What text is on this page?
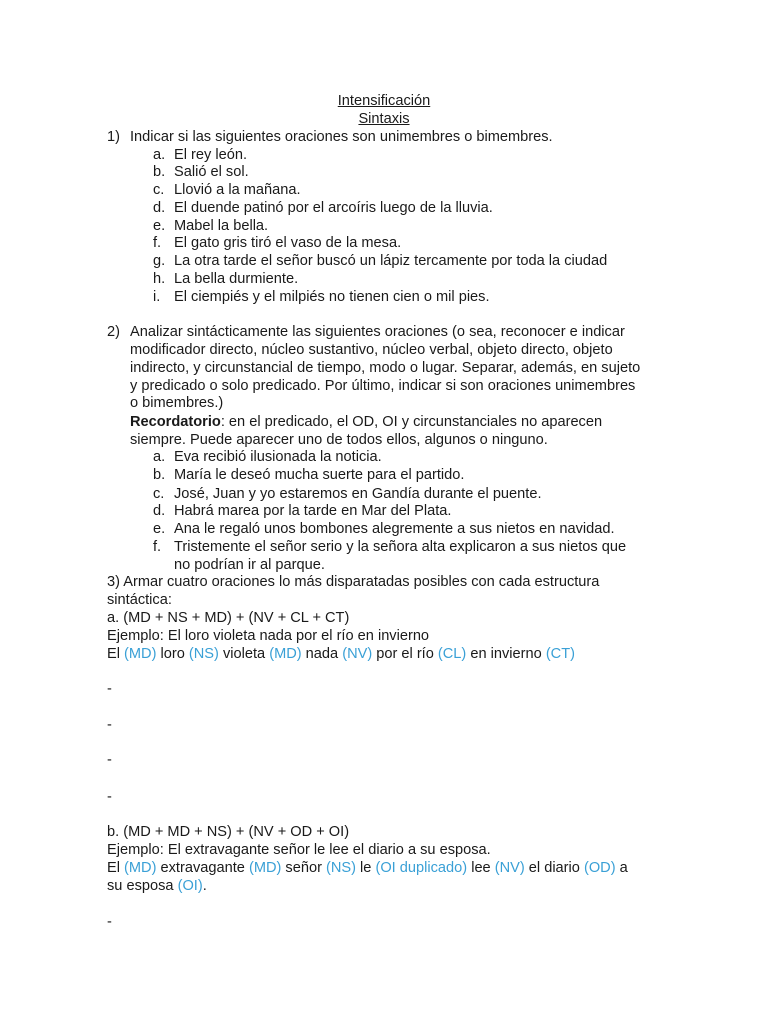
Intensificación
Sintaxis
1) Indicar si las siguientes oraciones son unimembres o bimembres.
a. El rey león.
b. Salió el sol.
c. Llovió a la mañana.
d. El duende patinó por el arcoíris luego de la lluvia.
e. Mabel la bella.
f. El gato gris tiró el vaso de la mesa.
g. La otra tarde el señor buscó un lápiz tercamente por toda la ciudad
h. La bella durmiente.
i. El ciempiés y el milpiés no tienen cien o mil pies.
2) Analizar sintácticamente las siguientes oraciones (o sea, reconocer e indicar
modificador directo, núcleo sustantivo, núcleo verbal, objeto directo, objeto
indirecto, y circunstancial de tiempo, modo o lugar. Separar, además, en sujeto
y predicado o solo predicado. Por último, indicar si son oraciones unimembres
o bimembres.)
Recordatorio: en el predicado, el OD, OI y circunstanciales no aparecen
siempre. Puede aparecer uno de todos ellos, algunos o ninguno.
a. Eva recibió ilusionada la noticia.
b. María le deseó mucha suerte para el partido.
c. José, Juan y yo estaremos en Gandía durante el puente.
d. Habrá marea por la tarde en Mar del Plata.
e. Ana le regaló unos bombones alegremente a sus nietos en navidad.
f. Tristemente el señor serio y la señora alta explicaron a sus nietos que
no podrían ir al parque.
3) Armar cuatro oraciones lo más disparatadas posibles con cada estructura
sintáctica:
a. (MD + NS + MD) + (NV + CL + CT)
Ejemplo: El loro violeta nada por el río en invierno
El (MD) loro (NS) violeta (MD) nada (NV) por el río (CL) en invierno (CT)
-
-
-
-
b. (MD + MD + NS) + (NV + OD + OI)
Ejemplo: El extravagante señor le lee el diario a su esposa.
El (MD) extravagante (MD) señor (NS) le (OI duplicado) lee (NV) el diario (OD) a
su esposa (OI).
-
